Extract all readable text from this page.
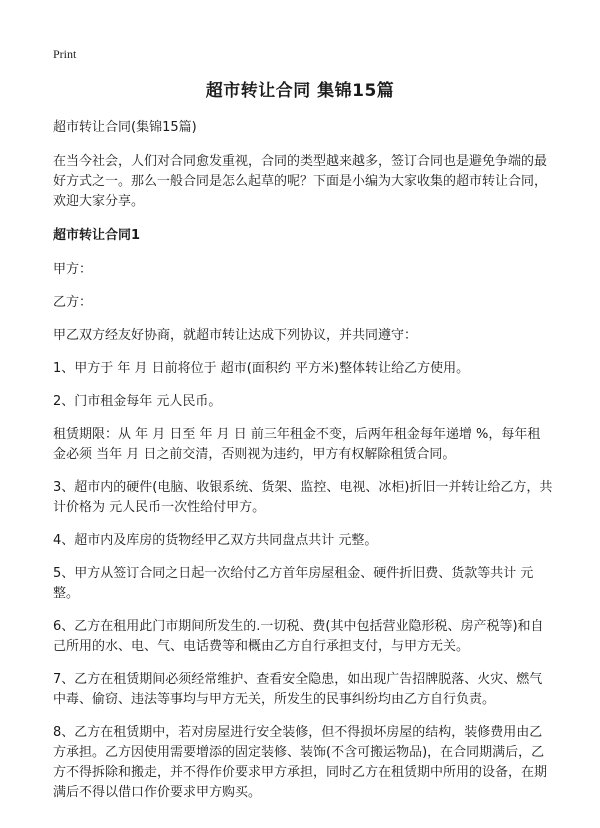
Print
超市转让合同 集锦15篇

超市转让合同(集锦15篇)

在当今社会，人们对合同愈发重视，合同的类型越来越多，签订合同也是避免争端的最好方式之一。那么一般合同是怎么起草的呢？下面是小编为大家收集的超市转让合同，欢迎大家分享。

超市转让合同1

甲方：

乙方：

甲乙双方经友好协商，就超市转让达成下列协议，并共同遵守：

1、甲方于 年 月 日前将位于 超市(面积约 平方米)整体转让给乙方使用。

2、门市租金每年 元人民币。

租赁期限：从 年 月 日至 年 月 日 前三年租金不变，后两年租金每年递增 %，每年租金必须 当年 月 日之前交清，否则视为违约，甲方有权解除租赁合同。

3、超市内的硬件(电脑、收银系统、货架、监控、电视、冰柜)折旧一并转让给乙方，共计价格为 元人民币一次性给付甲方。

4、超市内及库房的货物经甲乙双方共同盘点共计 元整。

5、甲方从签订合同之日起一次给付乙方首年房屋租金、硬件折旧费、货款等共计 元整。

6、乙方在租用此门市期间所发生的.一切税、费(其中包括营业隐形税、房产税等)和自己所用的水、电、气、电话费等和概由乙方自行承担支付，与甲方无关。

7、乙方在租赁期间必须经常维护、查看安全隐患，如出现广告招牌脱落、火灾、燃气中毒、偷窃、违法等事均与甲方无关，所发生的民事纠纷均由乙方自行负责。

8、乙方在租赁期中，若对房屋进行安全装修，但不得损坏房屋的结构，装修费用由乙方承担。乙方因使用需要增添的固定装修、装饰(不含可搬运物品)，在合同期满后，乙方不得拆除和搬走，并不得作价要求甲方承担，同时乙方在租赁期中所用的设备，在期满后不得以借口作价要求甲方购买。
